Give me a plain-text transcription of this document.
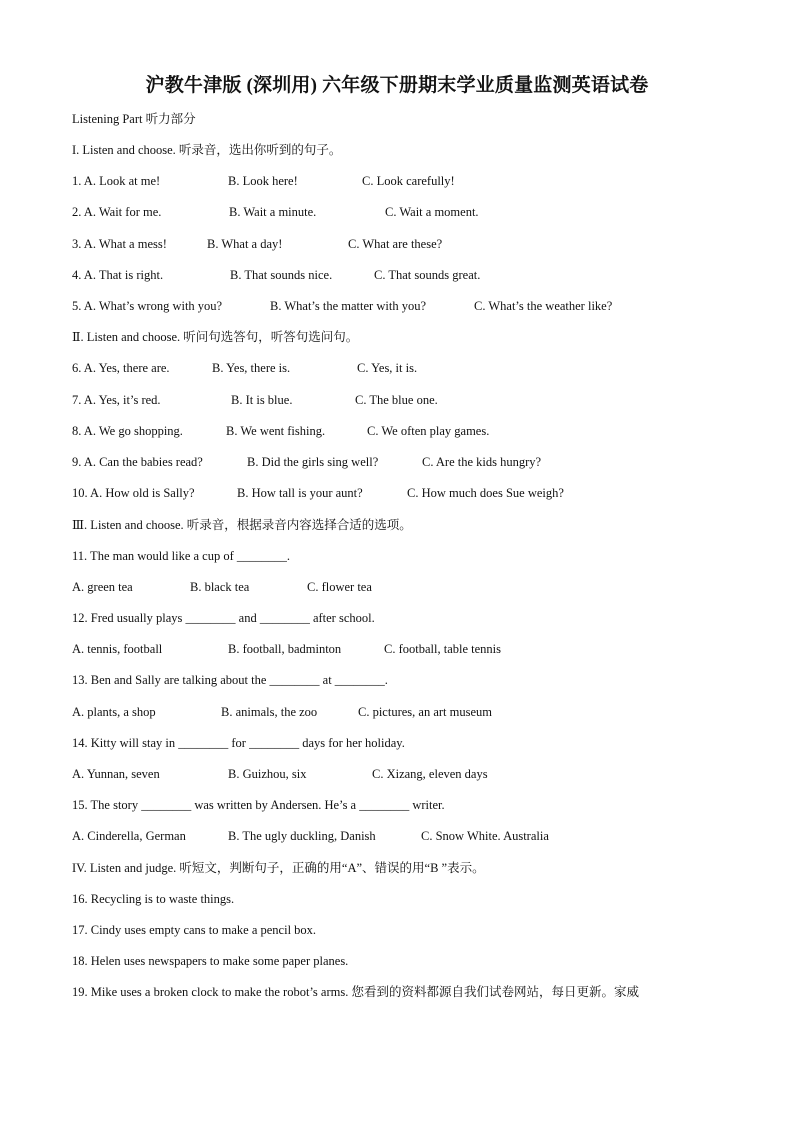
沪教牛津版 (深圳用) 六年级下册期末学业质量监测英语试卷
Listening Part 听力部分
I. Listen and choose. 听录音，选出你听到的句子。
1. A. Look at me!	B. Look here!	C. Look carefully!
2. A. Wait for me.	B. Wait a minute.	C. Wait a moment.
3. A. What a mess!	B. What a day!	C. What are these?
4. A. That is right.	B. That sounds nice.	C. That sounds great.
5. A. What’s wrong with you?	B. What’s the matter with you?	C. What’s the weather like?
Ⅱ. Listen and choose. 听问句选答句，听答句选问句。
6. A. Yes, there are.	B. Yes, there is.	C. Yes, it is.
7. A. Yes, it’s red.	B. It is blue.	C. The blue one.
8. A. We go shopping.	B. We went fishing.	C. We often play games.
9. A. Can the babies read?	B. Did the girls sing well?	C. Are the kids hungry?
10. A. How old is Sally?	B. How tall is your aunt?	C. How much does Sue weigh?
Ⅲ. Listen and choose. 听录音，根据录音内容选择合适的选项。
11. The man would like a cup of ________.
A. green tea	B. black tea	C. flower tea
12. Fred usually plays ________ and ________ after school.
A. tennis, football	B. football, badminton	C. football, table tennis
13. Ben and Sally are talking about the ________ at ________.
A. plants, a shop	B. animals, the zoo	C. pictures, an art museum
14. Kitty will stay in ________ for ________ days for her holiday.
A. Yunnan, seven	B. Guizhou, six	C. Xizang, eleven days
15. The story ________ was written by Andersen. He’s a ________ writer.
A. Cinderella, German	B. The ugly duckling, Danish	C. Snow White. Australia
IV. Listen and judge. 听短文，判断句子，正确的用“A”、错误的用“B ”表示。
16. Recycling is to waste things.
17. Cindy uses empty cans to make a pencil box.
18. Helen uses newspapers to make some paper planes.
19. Mike uses a broken clock to make the robot’s arms. 您看到的资料都源自我们试卷网站，每日更新。家威
